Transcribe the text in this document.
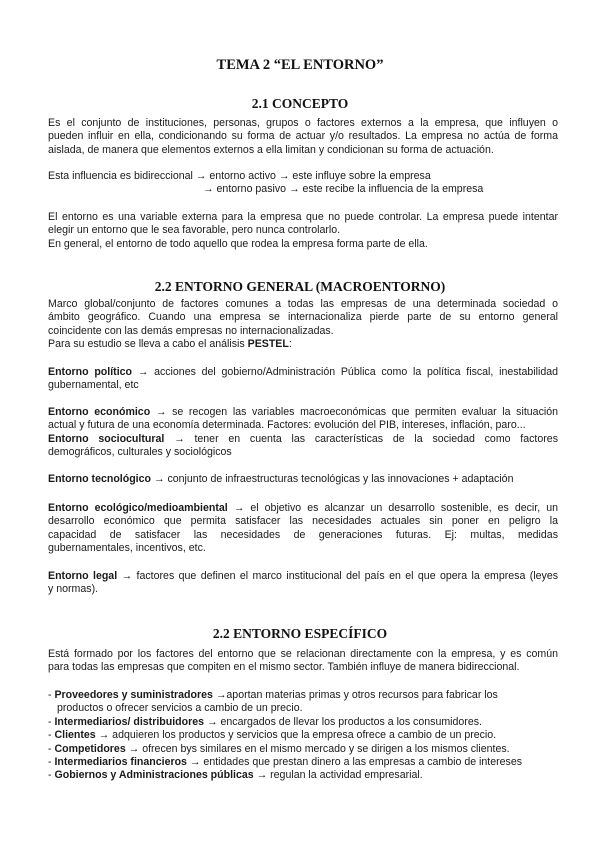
TEMA 2 “EL ENTORNO”
2.1 CONCEPTO
Es el conjunto de instituciones, personas, grupos o factores externos a la empresa, que influyen o
pueden influir en ella, condicionando su forma de actuar y/o resultados. La empresa no actúa de forma
aislada, de manera que elementos externos a ella limitan y condicionan su forma de actuación.
Esta influencia es bidireccional → entorno activo → este influye sobre la empresa
→ entorno pasivo → este recibe la influencia de la empresa
El entorno es una variable externa para la empresa que no puede controlar. La empresa puede intentar
elegir un entorno que le sea favorable, pero nunca controlarlo.
En general, el entorno de todo aquello que rodea la empresa forma parte de ella.
2.2 ENTORNO GENERAL (MACROENTORNO)
Marco global/conjunto de factores comunes a todas las empresas de una determinada sociedad o
ámbito geográfico. Cuando una empresa se internacionaliza pierde parte de su entorno general
coincidente con las demás empresas no internacionalizadas.
Para su estudio se lleva a cabo el análisis PESTEL:
Entorno político → acciones del gobierno/Administración Pública como la política fiscal, inestabilidad
gubernamental, etc
Entorno económico → se recogen las variables macroeconómicas que permiten evaluar la situación
actual y futura de una economía determinada. Factores: evolución del PIB, intereses, inflación, paro...
Entorno sociocultural → tener en cuenta las características de la sociedad como factores
demográficos, culturales y sociológicos
Entorno tecnológico → conjunto de infraestructuras tecnológicas y las innovaciones + adaptación
Entorno ecológico/medioambiental → el objetivo es alcanzar un desarrollo sostenible, es decir, un
desarrollo económico que permita satisfacer las necesidades actuales sin poner en peligro la
capacidad de satisfacer las necesidades de generaciones futuras. Ej: multas, medidas
gubernamentales, incentivos, etc.
Entorno legal → factores que definen el marco institucional del país en el que opera la empresa (leyes
y normas).
2.2 ENTORNO ESPECÍFICO
Está formado por los factores del entorno que se relacionan directamente con la empresa, y es común
para todas las empresas que compiten en el mismo sector. También influye de manera bidireccional.
- Proveedores y suministradores →aportan materias primas y otros recursos para fabricar los
productos o ofrecer servicios a cambio de un precio.
- Intermediarios/ distribuidores → encargados de llevar los productos a los consumidores.
- Clientes → adquieren los productos y servicios que la empresa ofrece a cambio de un precio.
- Competidores → ofrecen bys similares en el mismo mercado y se dirigen a los mismos clientes.
- Intermediarios financieros → entidades que prestan dinero a las empresas a cambio de intereses
- Gobiernos y Administraciones públicas → regulan la actividad empresarial.
